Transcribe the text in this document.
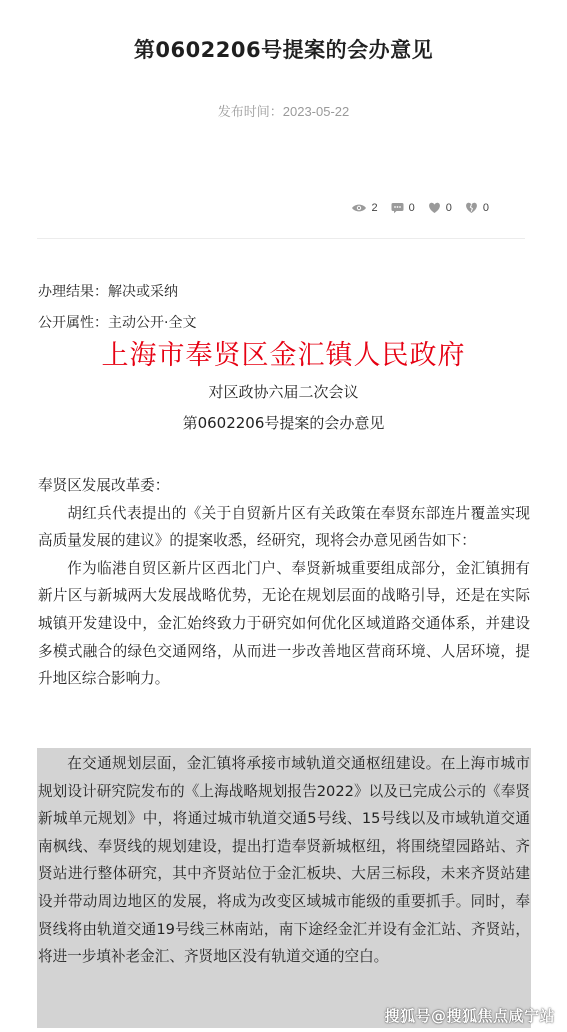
第0602206号提案的会办意见
发布时间：2023-05-22
2	0	0	0
办理结果：解决或采纳
公开属性：主动公开·全文
上海市奉贤区金汇镇人民政府
对区政协六届二次会议
第0602206号提案的会办意见

奉贤区发展改革委：

胡红兵代表提出的《关于自贸新片区有关政策在奉贤东部连片覆盖实现高质量发展的建议》的提案收悉，经研究，现将会办意见函告如下：

作为临港自贸区新片区西北门户、奉贤新城重要组成部分，金汇镇拥有新片区与新城两大发展战略优势，无论在规划层面的战略引导，还是在实际城镇开发建设中，金汇始终致力于研究如何优化区域道路交通体系，并建设多模式融合的绿色交通网络，从而进一步改善地区营商环境、人居环境，提升地区综合影响力。

在交通规划层面，金汇镇将承接市域轨道交通枢纽建设。在上海市城市规划设计研究院发布的《上海战略规划报告2022》以及已完成公示的《奉贤新城单元规划》中，将通过城市轨道交通5号线、15号线以及市域轨道交通南枫线、奉贤线的规划建设，提出打造奉贤新城枢纽，将围绕望园路站、齐贤站进行整体研究，其中齐贤站位于金汇板块、大居三标段，未来齐贤站建设并带动周边地区的发展，将成为改变区域城市能级的重要抓手。同时，奉贤线将由轨道交通19号线三林南站，南下途经金汇并设有金汇站、齐贤站，将进一步填补老金汇、齐贤地区没有轨道交通的空白。

搜狐号@搜狐焦点咸宁站
